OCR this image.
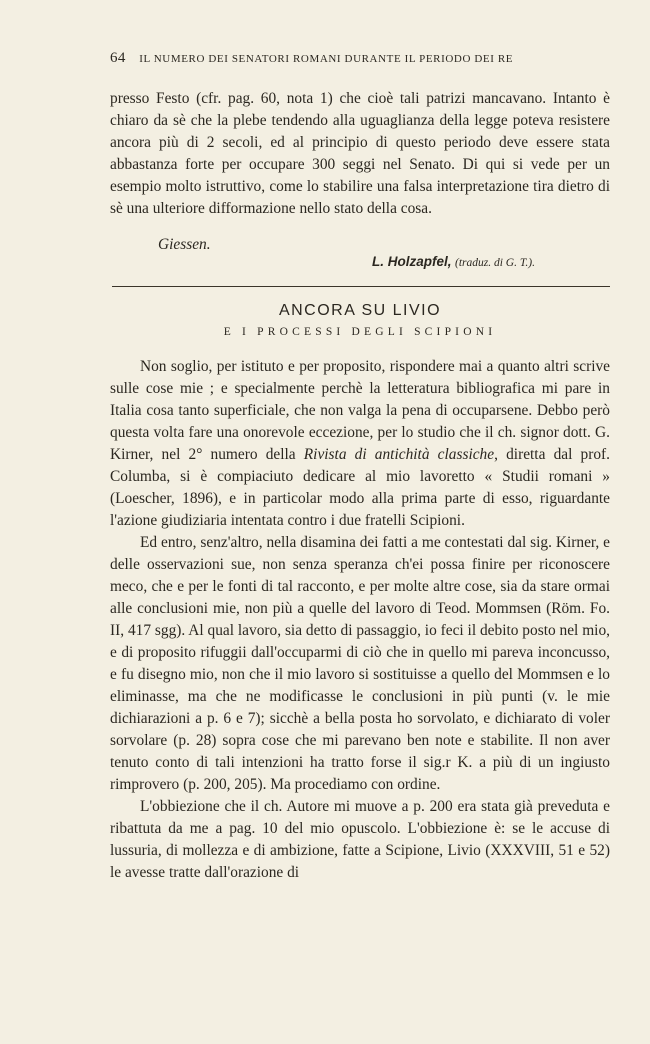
64 IL NUMERO DEI SENATORI ROMANI DURANTE IL PERIODO DEI RE

presso Festo (cfr. pag. 60, nota 1) che cioè tali patrizi mancavano. Intanto è chiaro da sè che la plebe tendendo alla uguaglianza della legge poteva resistere ancora più di 2 secoli, ed al principio di questo periodo deve essere stata abbastanza forte per occupare 300 seggi nel Senato. Di qui si vede per un esempio molto istruttivo, come lo stabilire una falsa interpretazione tira dietro di sè una ulteriore difformazione nello stato della cosa.

Giessen.
L. Holzapfel, (traduz. di G. T.).
ANCORA SU LIVIO
E I PROCESSI DEGLI SCIPIONI

Non soglio, per istituto e per proposito, rispondere mai a quanto altri scrive sulle cose mie ; e specialmente perchè la letteratura bibliografica mi pare in Italia cosa tanto superficiale, che non valga la pena di occuparsene. Debbo però questa volta fare una onorevole eccezione, per lo studio che il ch. signor dott. G. Kirner, nel 2° numero della Rivista di antichità classiche, diretta dal prof. Columba, si è compiaciuto dedicare al mio lavoretto « Studii romani » (Loescher, 1896), e in particolar modo alla prima parte di esso, riguardante l'azione giudiziaria intentata contro i due fratelli Scipioni.

Ed entro, senz'altro, nella disamina dei fatti a me contestati dal sig. Kirner, e delle osservazioni sue, non senza speranza ch'ei possa finire per riconoscere meco, che e per le fonti di tal racconto, e per molte altre cose, sia da stare ormai alle conclusioni mie, non più a quelle del lavoro di Teod. Mommsen (Röm. Fo. II, 417 sgg). Al qual lavoro, sia detto di passaggio, io feci il debito posto nel mio, e di proposito rifuggii dall'occuparmi di ciò che in quello mi pareva inconcusso, e fu disegno mio, non che il mio lavoro si sostituisse a quello del Mommsen e lo eliminasse, ma che ne modificasse le conclusioni in più punti (v. le mie dichiarazioni a p. 6 e 7); sicchè a bella posta ho sorvolato, e dichiarato di voler sorvolare (p. 28) sopra cose che mi parevano ben note e stabilite. Il non aver tenuto conto di tali intenzioni ha tratto forse il sig.r K. a più di un ingiusto rimprovero (p. 200, 205). Ma procediamo con ordine.

L'obbiezione che il ch. Autore mi muove a p. 200 era stata già preveduta e ribattuta da me a pag. 10 del mio opuscolo. L'obbiezione è: se le accuse di lussuria, di mollezza e di ambizione, fatte a Scipione, Livio (XXXVIII, 51 e 52) le avesse tratte dall'orazione di
